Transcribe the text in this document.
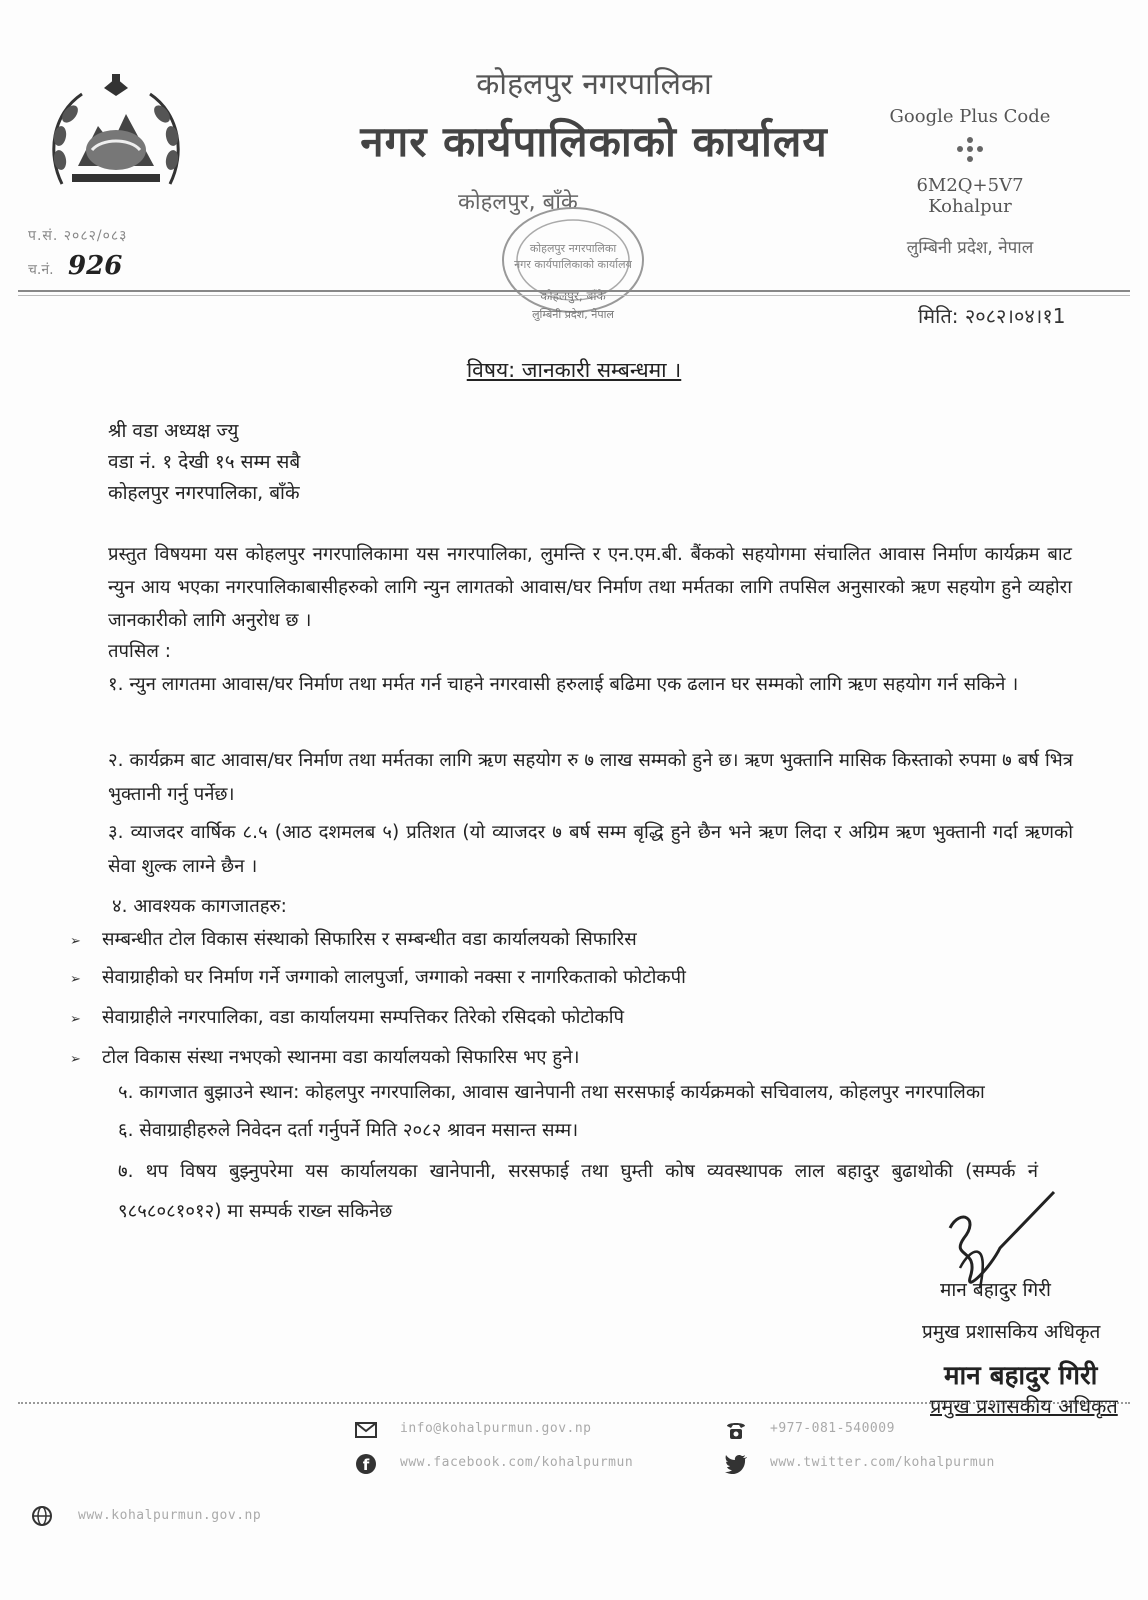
प.सं. २०८२/०८३
च.नं. 926
कोहलपुर नगरपालिका
नगर कार्यपालिकाको कार्यालय
कोहलपुर, बाँके
कोहलपुर नगरपालिका
नगर कार्यपालिकाको कार्यालय
कोहलपुर, बाँके
लुम्बिनी प्रदेश, नेपाल
Google Plus Code
6M2Q+5V7 Kohalpur
लुम्बिनी प्रदेश, नेपाल
मिति: २०८२।०४।१1
विषय: जानकारी सम्बन्धमा ।
श्री वडा अध्यक्ष ज्यु
वडा नं. १ देखी १५ सम्म सबै
कोहलपुर नगरपालिका, बाँके
प्रस्तुत विषयमा यस कोहलपुर नगरपालिकामा यस नगरपालिका, लुमन्ति र एन.एम.बी. बैंकको सहयोगमा संचालित आवास निर्माण कार्यक्रम बाट न्युन आय भएका नगरपालिकाबासीहरुको लागि न्युन लागतको आवास/घर निर्माण तथा मर्मतका लागि तपसिल अनुसारको ऋण सहयोग हुने व्यहोरा जानकारीको लागि अनुरोध छ ।
तपसिल :
१. न्युन लागतमा आवास/घर निर्माण तथा मर्मत गर्न चाहने नगरवासी हरुलाई बढिमा एक ढलान घर सम्मको लागि ऋण सहयोग गर्न सकिने ।
२. कार्यक्रम बाट आवास/घर निर्माण तथा मर्मतका लागि ऋण सहयोग रु ७ लाख सम्मको हुने छ। ऋण भुक्तानि मासिक किस्ताको रुपमा ७ बर्ष भित्र भुक्तानी गर्नु पर्नेछ।
३. व्याजदर वार्षिक ८.५ (आठ दशमलब ५) प्रतिशत (यो व्याजदर ७ बर्ष सम्म बृद्धि हुने छैन भने ऋण लिदा र अग्रिम ऋण भुक्तानी गर्दा ऋणको सेवा शुल्क लाग्ने छैन ।
४. आवश्यक कागजातहरु:
➢ सम्बन्धीत टोल विकास संस्थाको सिफारिस र सम्बन्धीत वडा कार्यालयको सिफारिस
➢ सेवाग्राहीको घर निर्माण गर्ने जग्गाको लालपुर्जा, जग्गाको नक्सा र नागरिकताको फोटोकपी
➢ सेवाग्राहीले नगरपालिका, वडा कार्यालयमा सम्पत्तिकर तिरेको रसिदको फोटोकपि
➢ टोल विकास संस्था नभएको स्थानमा वडा कार्यालयको सिफारिस भए हुने।
५. कागजात बुझाउने स्थान: कोहलपुर नगरपालिका, आवास खानेपानी तथा सरसफाई कार्यक्रमको सचिवालय, कोहलपुर नगरपालिका
६. सेवाग्राहीहरुले निवेदन दर्ता गर्नुपर्ने मिति २०८२ श्रावन मसान्त सम्म।
७. थप विषय बुझ्नुपरेमा यस कार्यालयका खानेपानी, सरसफाई तथा घुम्ती कोष व्यवस्थापक लाल बहादुर बुढाथोकी (सम्पर्क नं ९८५८०८१०१२) मा सम्पर्क राख्न सकिनेछ
मान बहादुर गिरी
प्रमुख प्रशासकिय अधिकृत
मान बहादुर गिरी
प्रमुख प्रशासकीय अधिकृत
www.kohalpurmun.gov.np
info@kohalpurmun.gov.np
f www.facebook.com/kohalpurmun
+977-081-540009
www.twitter.com/kohalpurmun
